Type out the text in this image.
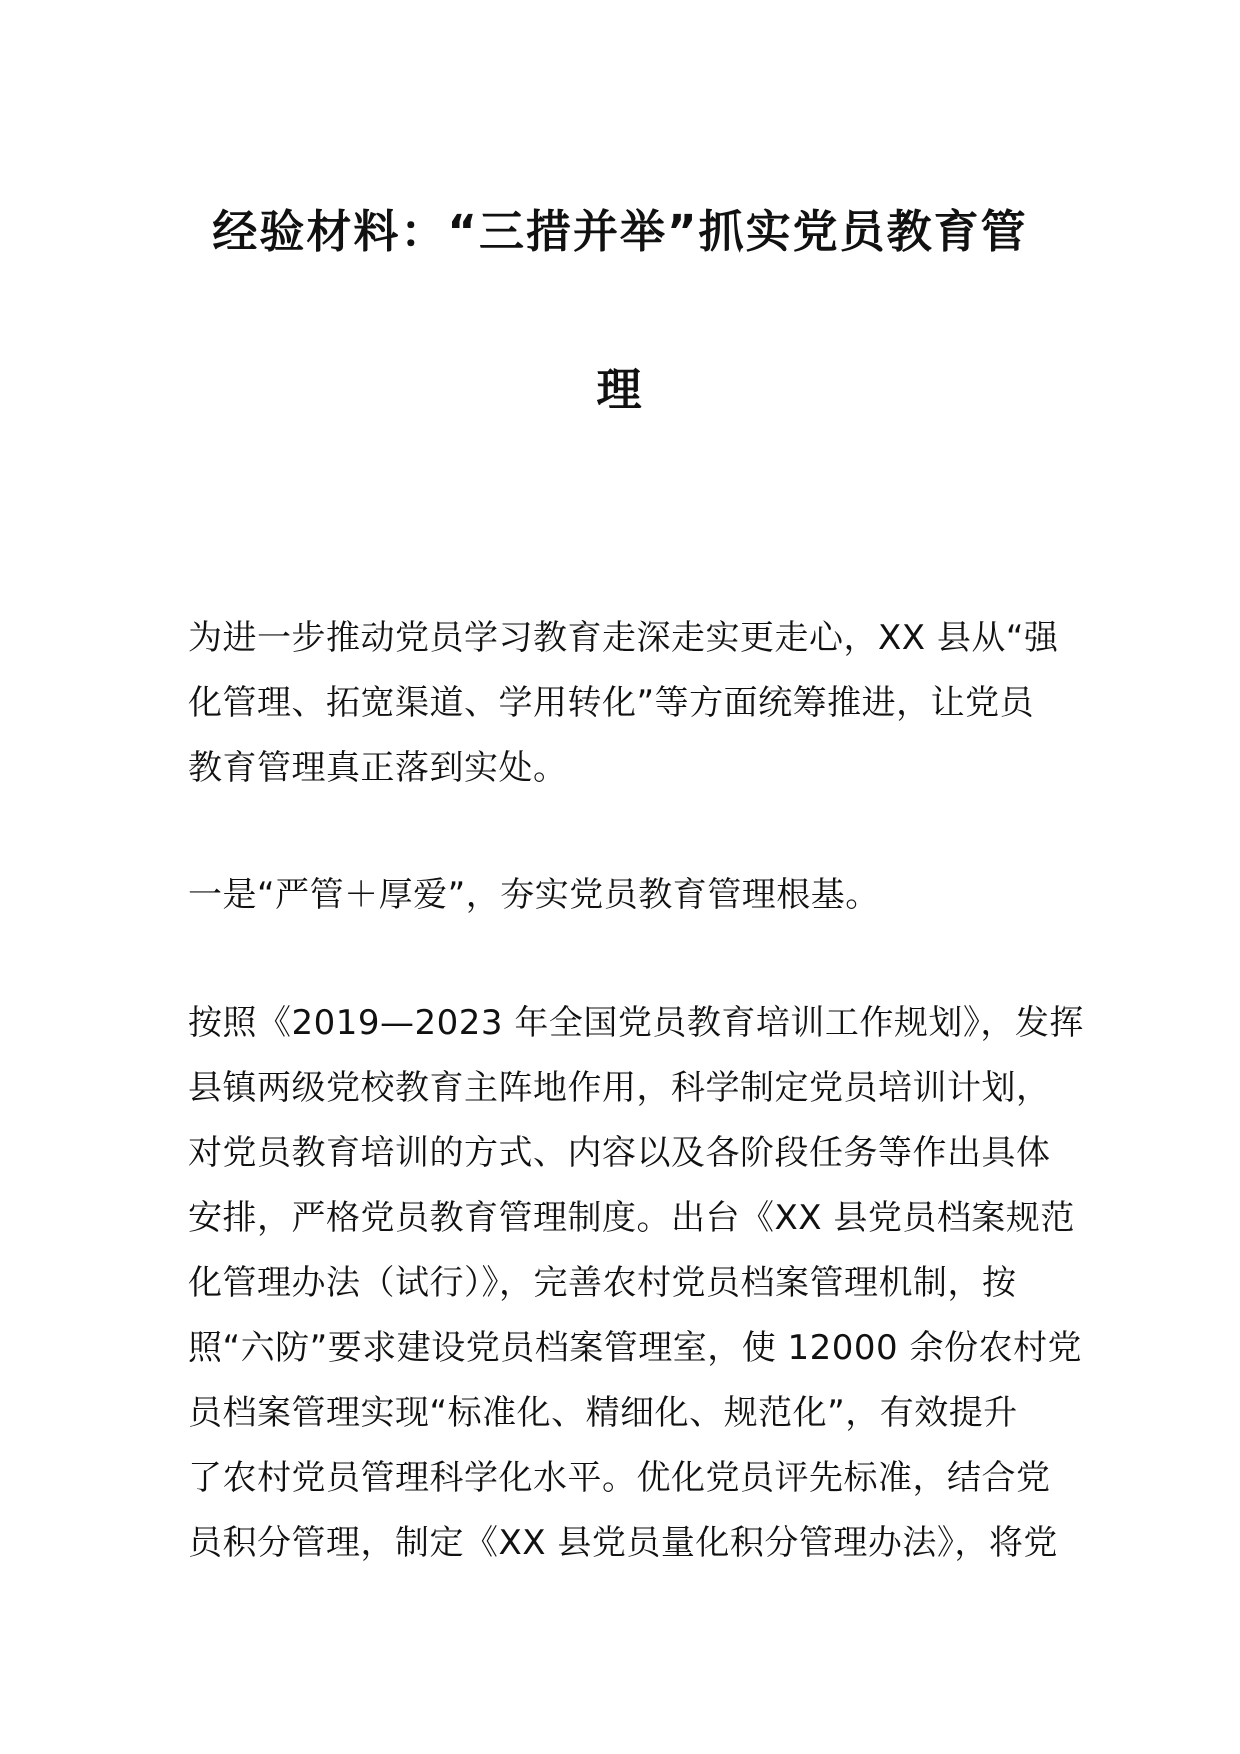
经验材料：“三措并举”抓实党员教育管
理
为进一步推动党员学习教育走深走实更走心，XX 县从“强
化管理、拓宽渠道、学用转化”等方面统筹推进，让党员
教育管理真正落到实处。
一是“严管＋厚爱”，夯实党员教育管理根基。
按照《2019—2023 年全国党员教育培训工作规划》，发挥
县镇两级党校教育主阵地作用，科学制定党员培训计划，
对党员教育培训的方式、内容以及各阶段任务等作出具体
安排，严格党员教育管理制度。出台《XX 县党员档案规范
化管理办法（试行）》，完善农村党员档案管理机制，按
照“六防”要求建设党员档案管理室，使 12000 余份农村党
员档案管理实现“标准化、精细化、规范化”，有效提升
了农村党员管理科学化水平。优化党员评先标准，结合党
员积分管理，制定《XX 县党员量化积分管理办法》，将党
